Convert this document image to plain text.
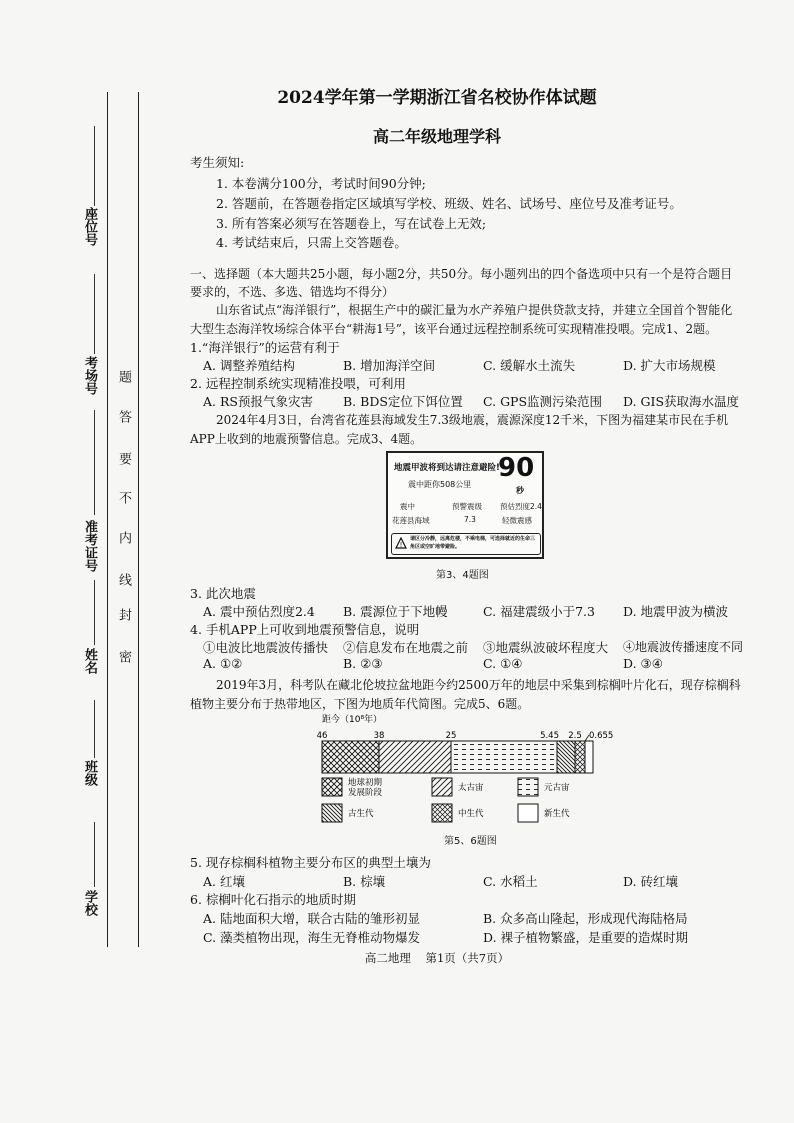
座位号
考场号
准考证号
姓名
班级
学校
密
封
线
内
不
要
答
题
2024学年第一学期浙江省名校协作体试题
高二年级地理学科
考生须知:
1. 本卷满分100分，考试时间90分钟;
2. 答题前，在答题卷指定区域填写学校、班级、姓名、试场号、座位号及准考证号。
3. 所有答案必须写在答题卷上，写在试卷上无效;
4. 考试结束后，只需上交答题卷。
一、选择题（本大题共25小题，每小题2分，共50分。每小题列出的四个备选项中只有一个是符合题目
要求的，不选、多选、错选均不得分）
山东省试点“海洋银行”，根据生产中的碳汇量为水产养殖户提供贷款支持，并建立全国首个智能化
大型生态海洋牧场综合体平台“耕海1号”，该平台通过远程控制系统可实现精准投喂。完成1、2题。
1.“海洋银行”的运营有利于
A. 调整养殖结构	B. 增加海洋空间	C. 缓解水土流失	D. 扩大市场规模
2. 远程控制系统实现精准投喂，可利用
A. RS预报气象灾害 B. BDS定位下饵位置 C. GPS监测污染范围 D. GIS获取海水温度
2024年4月3日，台湾省花莲县海域发生7.3级地震，震源深度12千米，下图为福建某市民在手机
APP上收到的地震预警信息。完成3、4题。
地震甲波将到达请注意避险!
90
震中距你508公里
秒
震中
花莲县海域
预警震级
7.3
预估烈度2.4
轻微震感
!
请区分冷静，远离危楼，不乘电梯，可选择就近的生命三角区或空旷地带避险。
第3、4题图
3. 此次地震
A. 震中预估烈度2.4 B. 震源位于下地幔	C. 福建震级小于7.3 D. 地震甲波为横波
4. 手机APP上可收到地震预警信息，说明
①电波比地震波传播快 ②信息发布在地震之前 ③地震纵波破坏程度大 ④地震波传播速度不同
A. ①②	B. ②③	C. ①④	D. ③④
2019年3月，科考队在藏北伦坡拉盆地距今约2500万年的地层中采集到棕榈叶片化石，现存棕榈科
植物主要分布于热带地区，下图为地质年代简图。完成5、6题。
距今（10⁸年）
46	38	25	5.45 2.5 0.655
地球初期
发展阶段	太古宙	元古宙
古生代	中生代	新生代
第5、6题图
5. 现存棕榈科植物主要分布区的典型土壤为
A. 红壤	B. 棕壤	C. 水稻土	D. 砖红壤
6. 棕榈叶化石指示的地质时期
A. 陆地面积大增，联合古陆的雏形初显	B. 众多高山隆起，形成现代海陆格局
C. 藻类植物出现，海生无脊椎动物爆发	D. 裸子植物繁盛，是重要的造煤时期
高二地理    第1页（共7页）
